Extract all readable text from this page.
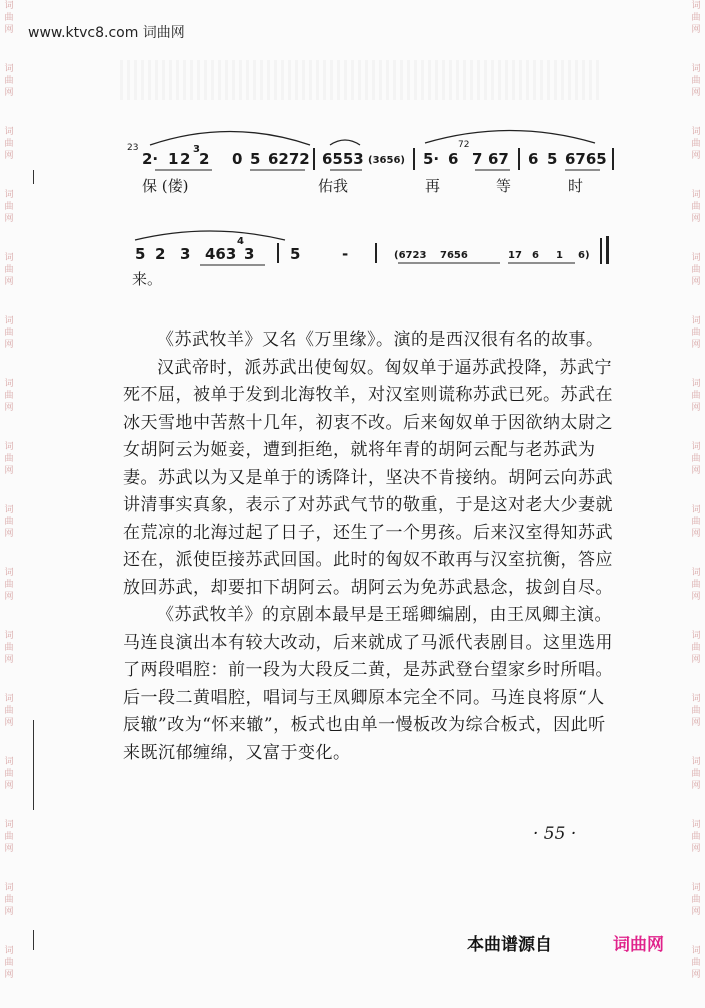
词
曲
网
词
曲
网
词
曲
网
词
曲
网
词
曲
网
词
曲
网
词
曲
网
词
曲
网
词
曲
网
词
曲
网
词
曲
网
词
曲
网
词
曲
网
词
曲
网
词
曲
网
词
曲
网
词
曲
网
词
曲
网
词
曲
网
词
曲
网
词
曲
网
词
曲
网
词
曲
网
词
曲
网
词
曲
网
词
曲
网
词
曲
网
词
曲
网
词
曲
网
词
曲
网
词
曲
网
词
曲
网
www.ktvc8.com 词曲网
23
2· 1 2
3
2 0 5 6272 6553 (3656) 5· 6
72
7 67 6 5 6765
保 (偻)	佑我	再	等	时
5 2 3 463
4
3 5	-	(6723 7656	17 6 1 6)
来。

《苏武牧羊》又名《万里缘》。演的是西汉很有名的故事。

汉武帝时，派苏武出使匈奴。匈奴单于逼苏武投降，苏武宁死不屈，被单于发到北海牧羊，对汉室则谎称苏武已死。苏武在冰天雪地中苦熬十几年，初衷不改。后来匈奴单于因欲纳太尉之女胡阿云为姬妾，遭到拒绝，就将年青的胡阿云配与老苏武为妻。苏武以为又是单于的诱降计，坚决不肯接纳。胡阿云向苏武讲清事实真象，表示了对苏武气节的敬重，于是这对老大少妻就在荒凉的北海过起了日子，还生了一个男孩。后来汉室得知苏武还在，派使臣接苏武回国。此时的匈奴不敢再与汉室抗衡，答应放回苏武，却要扣下胡阿云。胡阿云为免苏武悬念，拔剑自尽。

《苏武牧羊》的京剧本最早是王瑶卿编剧，由王凤卿主演。马连良演出本有较大改动，后来就成了马派代表剧目。这里选用了两段唱腔：前一段为大段反二黄，是苏武登台望家乡时所唱。后一段二黄唱腔，唱词与王凤卿原本完全不同。马连良将原“人辰辙”改为“怀来辙”，板式也由单一慢板改为综合板式，因此听来既沉郁缠绵，又富于变化。

· 55 ·
本曲谱源自	词曲网
